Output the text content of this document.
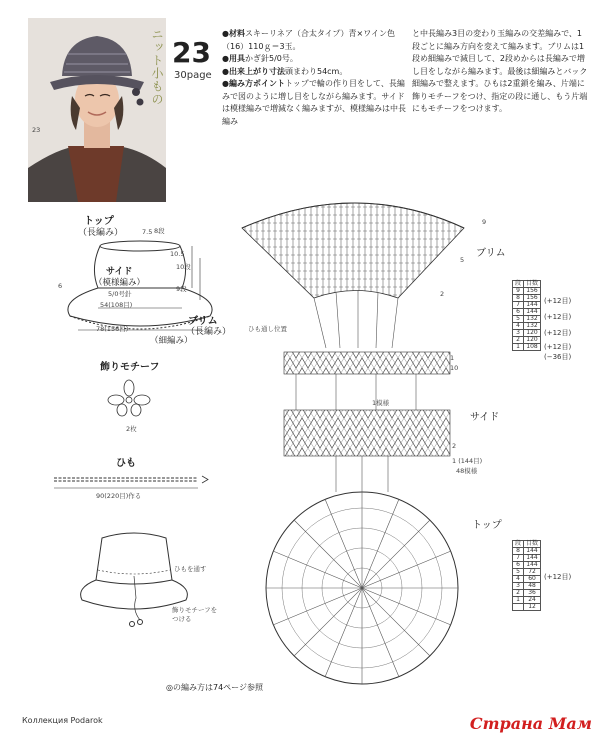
23
ニット小もの 23
30page

●材料スキーリネア（合太タイプ）青×ワイン色（16）110ｇ＝3玉。

●用具かぎ針5/0号。

●出来上がり寸法頭まわり54cm。

●編み方ポイントトップで輪の作り目をして、長編みで図のように増し目をしながら編みます。サイドは模様編みで増減なく編みますが、模様編みは中長編み

と中長編み3目の変わり玉編みの交差編みで、1段ごとに編み方向を変えて編みます。ブリムは1段め細編みで減目して、2段めからは長編みで増し目をしながら編みます。最後は細編みとバック細編みで整えます。ひもは2重鎖を編み、片端に飾りモチーフをつけ、指定の段に通し、もう片端にもモチーフをつけます。
トップ
（長編み）	7.5 8段
10.5
10段
9段
6
サイド
（模様編み）
5/0号針
54(108目)
ブリム
（長編み）
78(156目)
（細編み）
飾りモチーフ
2枚
ひも
90(220目)作る
ひもを通す
飾りモチーフを
つける
ブリム
9
5
2
ひも通し位置
1
10
1模様
サイド
2
1 (144目)
48模様
トップ
段	目数
9	156
8	156
7	144
6	144
5	132
4	132
3	120
2	120
1	108
(+12目)
(+12目)
(+12目)
(+12目)
(−36目)
段	目数
8	144
7	144
6	144
5	72
4	60
3	48
2	36
1	24
	12
(+12目)
◎の編み方は74ページ参照
Коллекция Podarok	Страна Мам
